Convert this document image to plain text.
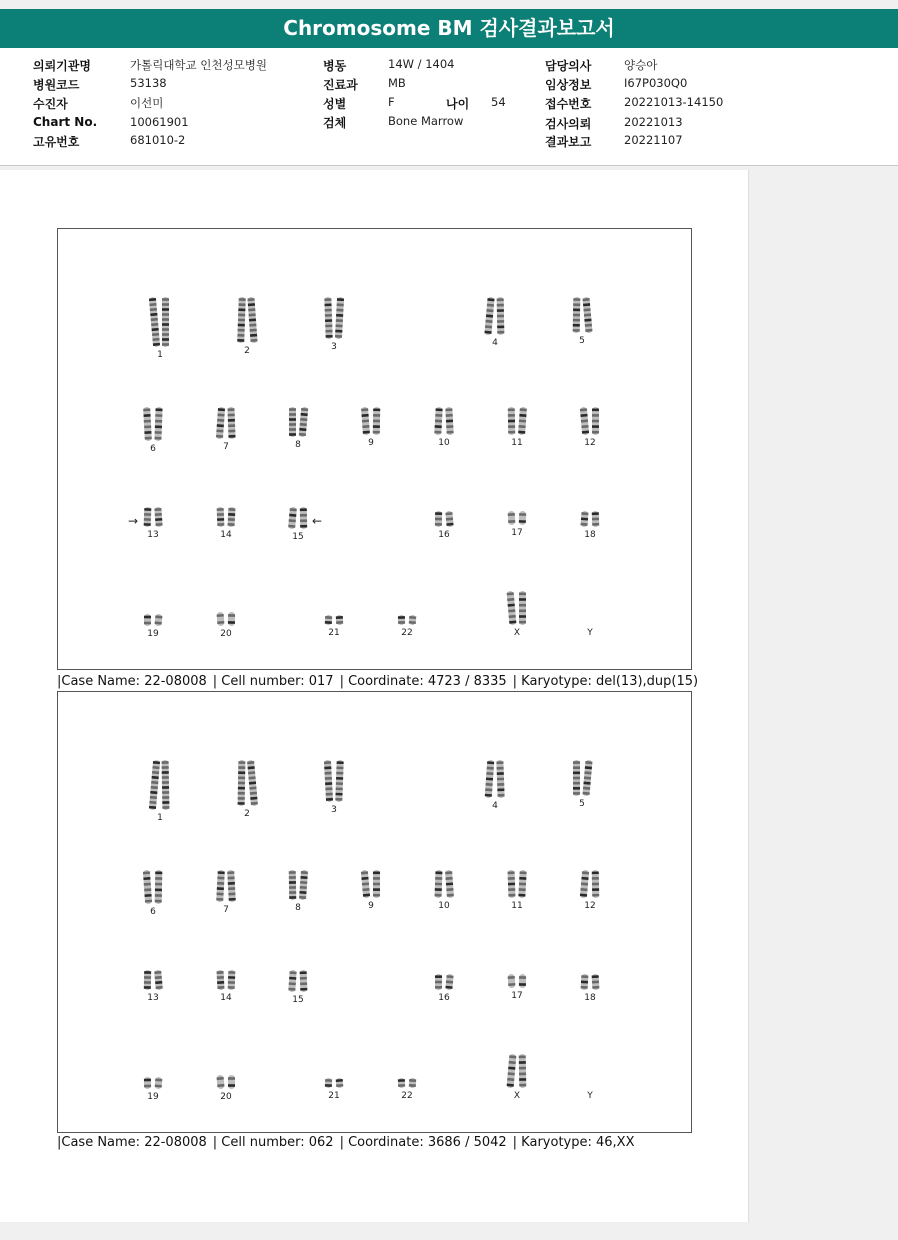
Chromosome BM 검사결과보고서
의뢰기관명	가톨릭대학교 인천성모병원
병원코드	53138
수진자	이선미
Chart No.	10061901
고유번호	681010-2
병동	14W / 1404
진료과	MB
성별	F	나이 54
검체	Bone Marrow
담당의사	양승아
임상정보	I67P030Q0
접수번호	20221013-14150
검사의뢰	20221013
결과보고	20221107
1	2	3	4	5
6	7	8	9	10	11	12
13	14	15	16	17	18
19	20	21	22	X	Y
→	←
|Case Name: 22-08008 | Cell number: 017 | Coordinate: 4723 / 8335 | Karyotype: del(13),dup(15)
1	2	3	4	5
6	7	8	9	10	11	12
13	14	15	16	17	18
19	20	21	22	X	Y
|Case Name: 22-08008 | Cell number: 062 | Coordinate: 3686 / 5042 | Karyotype: 46,XX
